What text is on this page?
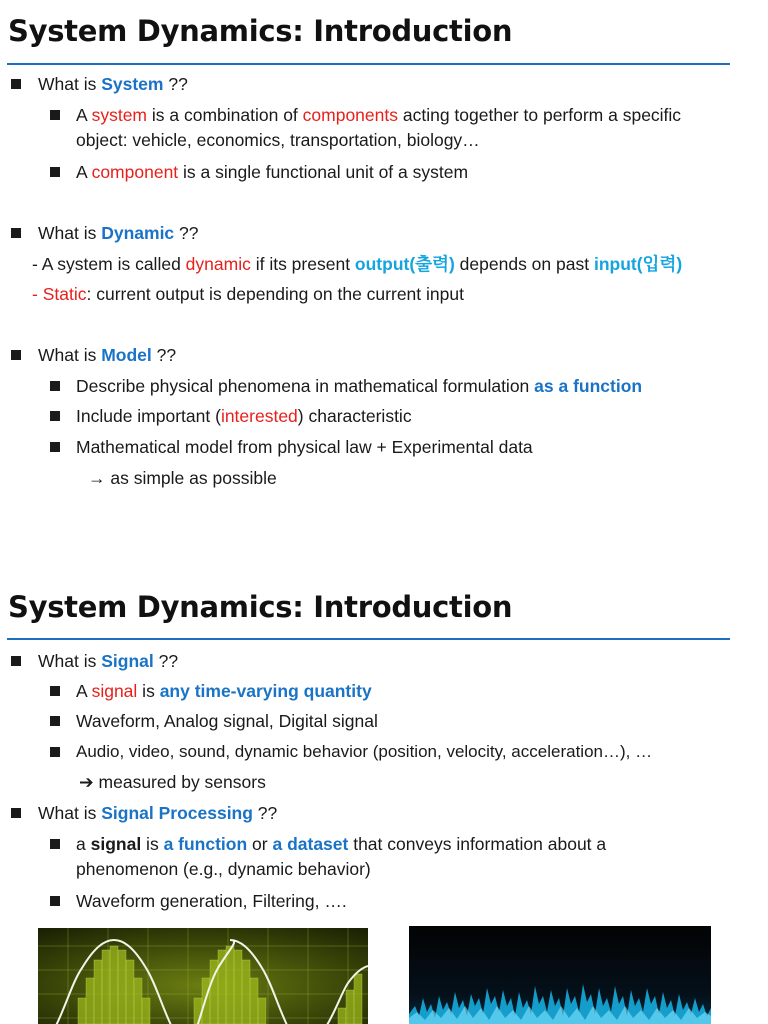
System Dynamics: Introduction
What is System ??
A system is a combination of components acting together to perform a specific
object: vehicle, economics, transportation, biology…
A component is a single functional unit of a system
What is Dynamic ??
- A system is called dynamic if its present output(출력) depends on past input(입력)
- Static: current output is depending on the current input
What is Model ??
Describe physical phenomena in mathematical formulation as a function
Include important (interested) characteristic
Mathematical model from physical law + Experimental data
→ as simple as possible
System Dynamics: Introduction
What is Signal ??
A signal is any time-varying quantity
Waveform, Analog signal, Digital signal
Audio, video, sound, dynamic behavior (position, velocity, acceleration…), …
➔ measured by sensors
What is Signal Processing ??
a signal is a function or a dataset that conveys information about a
phenomenon (e.g., dynamic behavior)
Waveform generation, Filtering, ….
